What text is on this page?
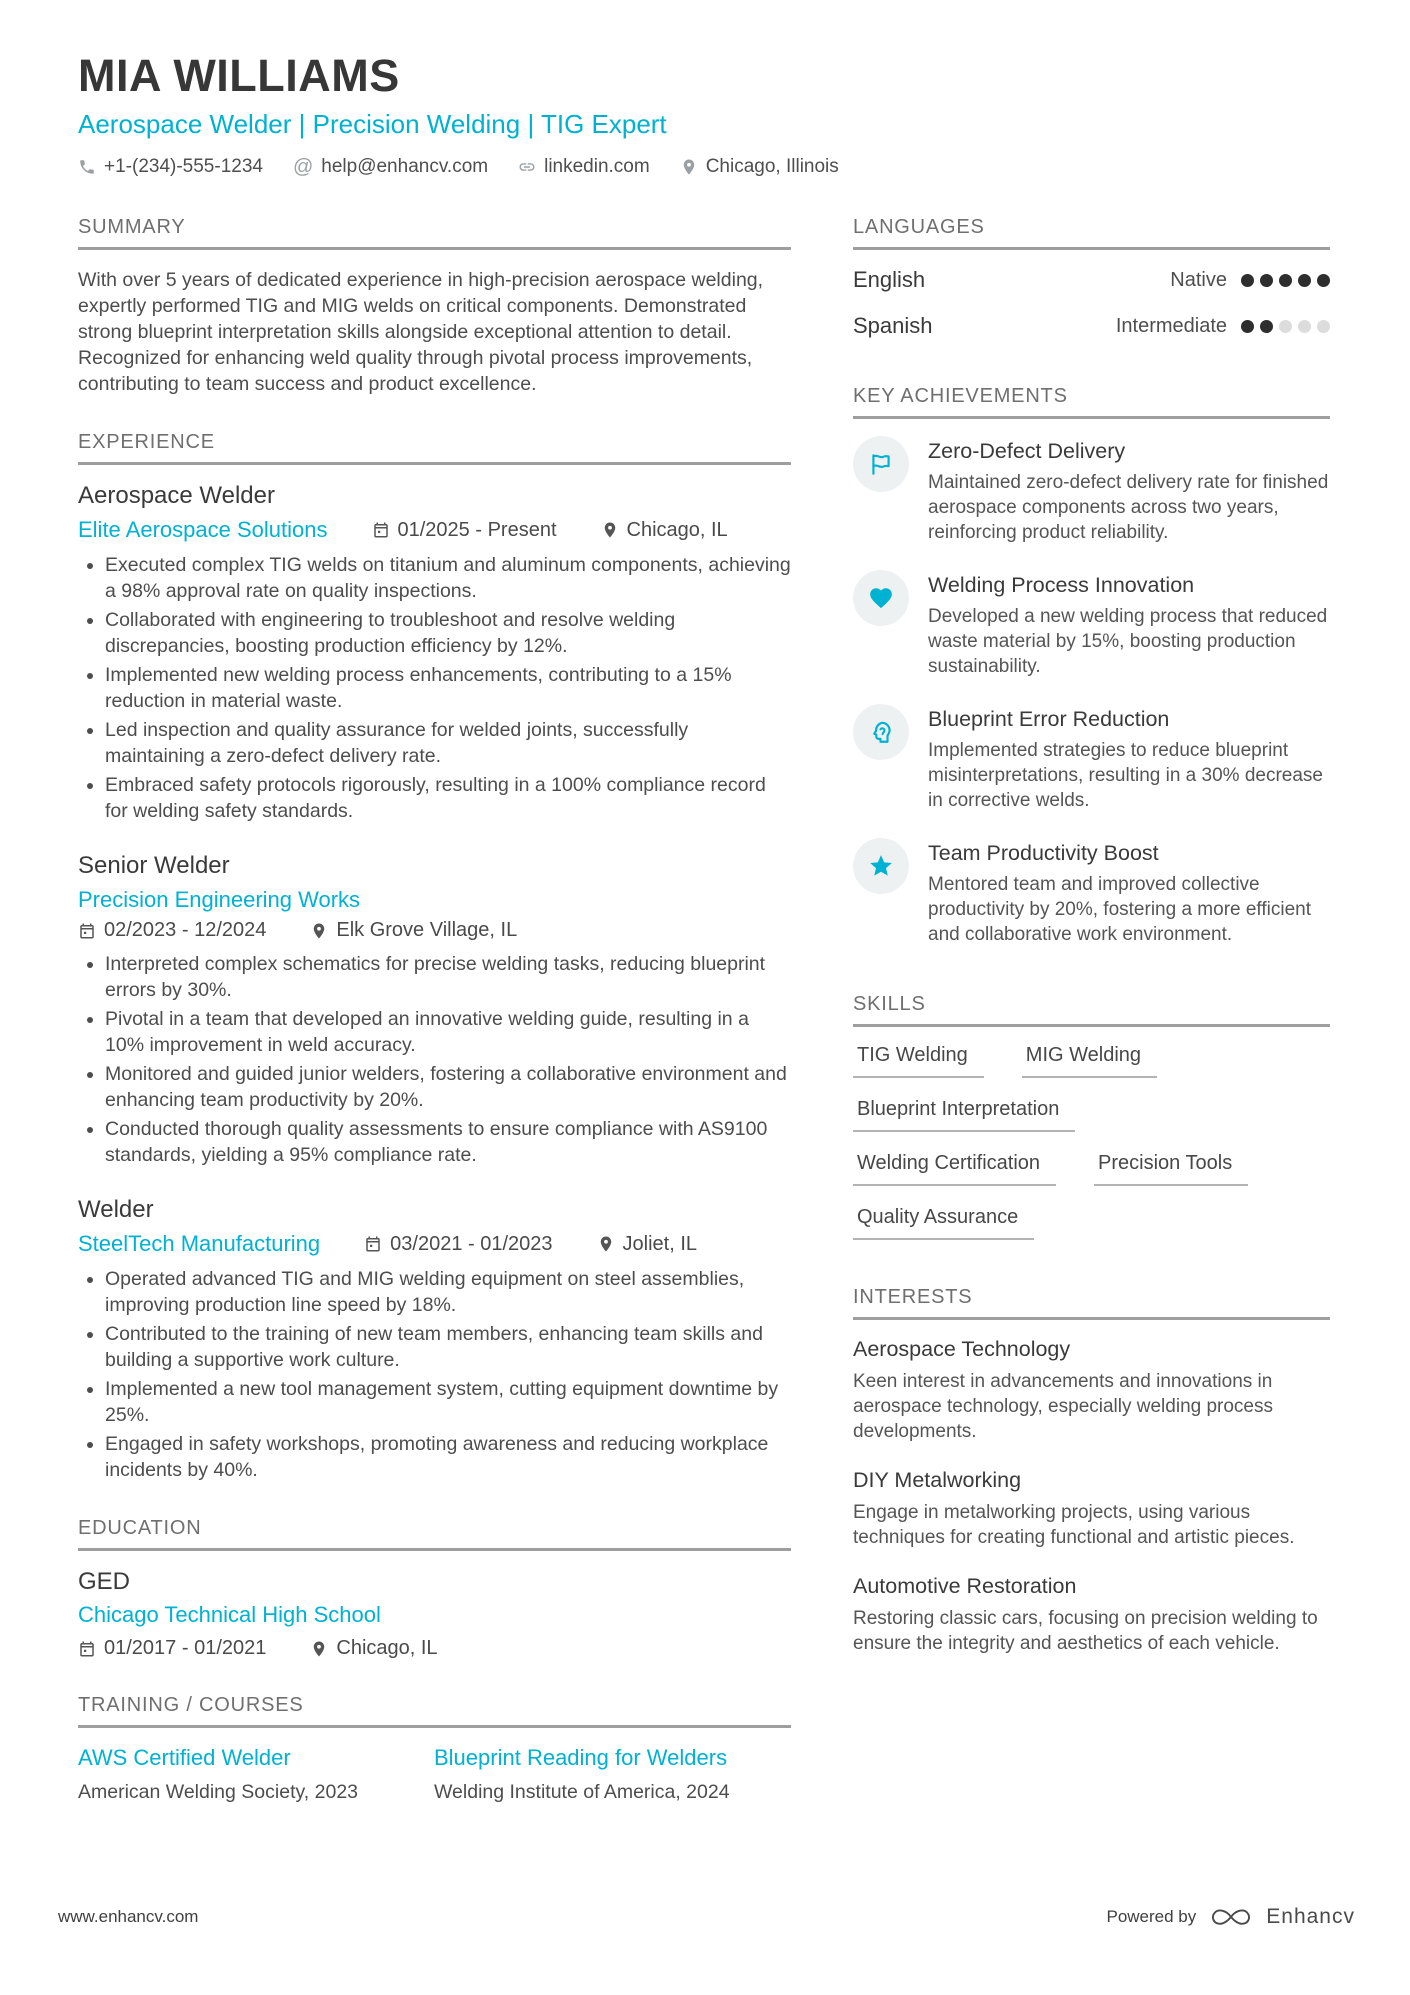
MIA WILLIAMS
Aerospace Welder | Precision Welding | TIG Expert
+1-(234)-555-1234 @ help@enhancv.com	linkedin.com	Chicago, Illinois
SUMMARY
With over 5 years of dedicated experience in high-precision aerospace welding, expertly performed TIG and MIG welds on critical components. Demonstrated strong blueprint interpretation skills alongside exceptional attention to detail. Recognized for enhancing weld quality through pivotal process improvements, contributing to team success and product excellence.
EXPERIENCE
Aerospace Welder
Elite Aerospace Solutions	01/2025 - Present	Chicago, IL
• Executed complex TIG welds on titanium and aluminum components, achieving a 98% approval rate on quality inspections.
• Collaborated with engineering to troubleshoot and resolve welding discrepancies, boosting production efficiency by 12%.
• Implemented new welding process enhancements, contributing to a 15% reduction in material waste.
• Led inspection and quality assurance for welded joints, successfully maintaining a zero-defect delivery rate.
• Embraced safety protocols rigorously, resulting in a 100% compliance record for welding safety standards.
Senior Welder
Precision Engineering Works
02/2023 - 12/2024	Elk Grove Village, IL
• Interpreted complex schematics for precise welding tasks, reducing blueprint errors by 30%.
• Pivotal in a team that developed an innovative welding guide, resulting in a 10% improvement in weld accuracy.
• Monitored and guided junior welders, fostering a collaborative environment and enhancing team productivity by 20%.
• Conducted thorough quality assessments to ensure compliance with AS9100 standards, yielding a 95% compliance rate.
Welder
SteelTech Manufacturing	03/2021 - 01/2023	Joliet, IL
• Operated advanced TIG and MIG welding equipment on steel assemblies, improving production line speed by 18%.
• Contributed to the training of new team members, enhancing team skills and building a supportive work culture.
• Implemented a new tool management system, cutting equipment downtime by 25%.
• Engaged in safety workshops, promoting awareness and reducing workplace incidents by 40%.
EDUCATION
GED
Chicago Technical High School
01/2017 - 01/2021	Chicago, IL
TRAINING / COURSES
AWS Certified Welder
American Welding Society, 2023
Blueprint Reading for Welders
Welding Institute of America, 2024
LANGUAGES
English	Native
Spanish	Intermediate
KEY ACHIEVEMENTS
Zero-Defect Delivery
Maintained zero-defect delivery rate for finished aerospace components across two years, reinforcing product reliability.
Welding Process Innovation
Developed a new welding process that reduced waste material by 15%, boosting production sustainability.
Blueprint Error Reduction
Implemented strategies to reduce blueprint misinterpretations, resulting in a 30% decrease in corrective welds.
Team Productivity Boost
Mentored team and improved collective productivity by 20%, fostering a more efficient and collaborative work environment.
SKILLS
TIG Welding	MIG Welding
Blueprint Interpretation
Welding Certification	Precision Tools
Quality Assurance
INTERESTS
Aerospace Technology
Keen interest in advancements and innovations in aerospace technology, especially welding process developments.
DIY Metalworking
Engage in metalworking projects, using various techniques for creating functional and artistic pieces.
Automotive Restoration
Restoring classic cars, focusing on precision welding to ensure the integrity and aesthetics of each vehicle.
www.enhancv.com	Powered by	Enhancv
